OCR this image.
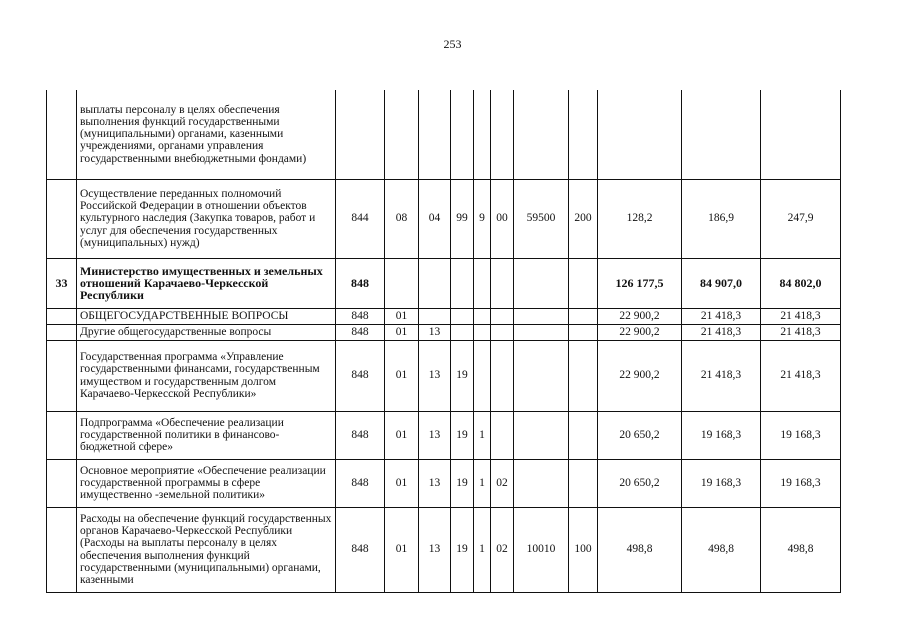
253
	выплаты персоналу в целях обеспечения выполнения функций государственными (муниципальными) органами, казенными учреждениями, органами управления государственными внебюджетными фондами)											
	Осуществление переданных полномочий Российской Федерации в отношении объектов культурного наследия (Закупка товаров, работ и услуг для обеспечения государственных (муниципальных) нужд)	844	08	04	99	9	00	59500	200	128,2	186,9	247,9
33	Министерство имущественных и земельных отношений Карачаево-Черкесской Республики	848								126 177,5	84 907,0	84 802,0
	ОБЩЕГОСУДАРСТВЕННЫЕ ВОПРОСЫ	848	01							22 900,2	21 418,3	21 418,3
	Другие общегосударственные вопросы	848	01	13						22 900,2	21 418,3	21 418,3
	Государственная программа «Управление государственными финансами, государственным имуществом и государственным долгом Карачаево-Черкесской Республики»	848	01	13	19					22 900,2	21 418,3	21 418,3
	Подпрограмма «Обеспечение реализации государственной политики в финансово-бюджетной сфере»	848	01	13	19	1				20 650,2	19 168,3	19 168,3
	Основное мероприятие «Обеспечение реализации государственной программы в сфере имущественно -земельной политики»	848	01	13	19	1	02			20 650,2	19 168,3	19 168,3
	Расходы на обеспечение функций государственных органов Карачаево-Черкесской Республики (Расходы на выплаты персоналу в целях обеспечения выполнения функций государственными (муниципальными) органами, казенными	848	01	13	19	1	02	10010	100	498,8	498,8	498,8
